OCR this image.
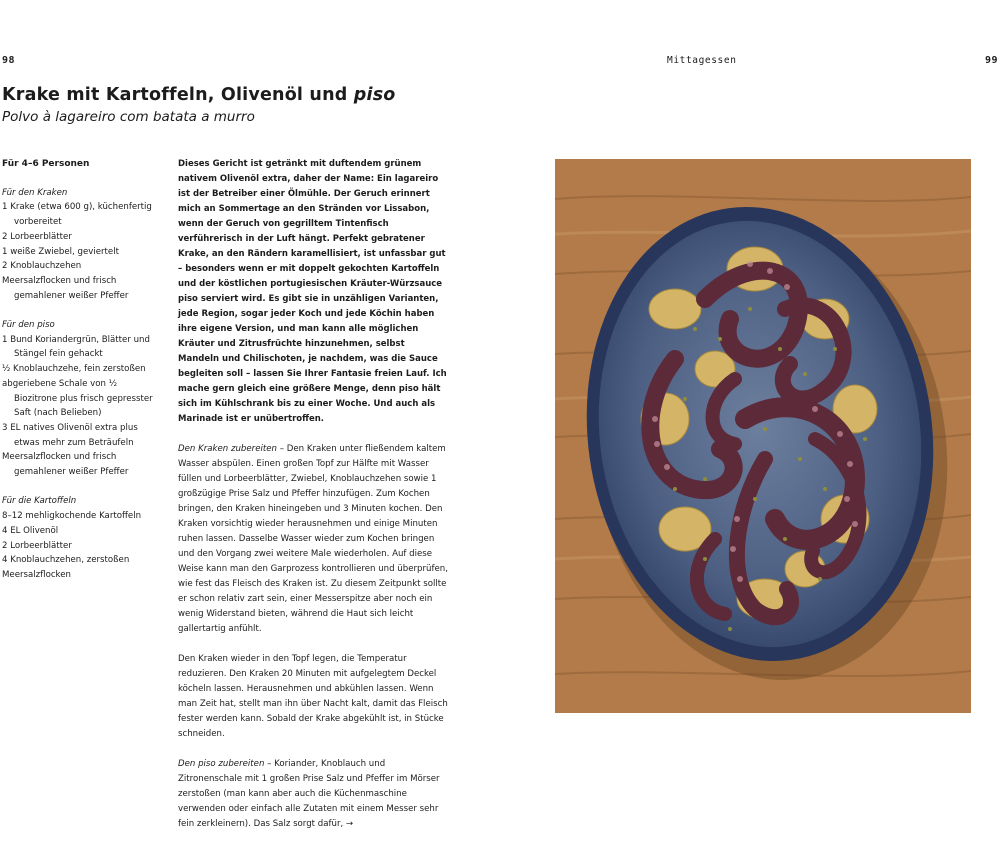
98	Mittagessen	99
Krake mit Kartoffeln, Olivenöl und piso
Polvo à lagareiro com batata a murro
Für 4–6 Personen
Für den Kraken
1 Krake (etwa 600 g), küchenfertig vorbereitet
2 Lorbeerblätter
1 weiße Zwiebel, geviertelt
2 Knoblauchzehen
Meersalzflocken und frisch gemahlener weißer Pfeffer
Für den piso
1 Bund Koriandergrün, Blätter und Stängel fein gehackt
½ Knoblauchzehe, fein zerstoßen
abgeriebene Schale von ½ Biozitrone plus frisch gepresster Saft (nach Belieben)
3 EL natives Olivenöl extra plus etwas mehr zum Beträufeln
Meersalzflocken und frisch gemahlener weißer Pfeffer
Für die Kartoffeln
8–12 mehligkochende Kartoffeln
4 EL Olivenöl
2 Lorbeerblätter
4 Knoblauchzehen, zerstoßen
Meersalzflocken

Dieses Gericht ist getränkt mit duftendem grünem nativem Olivenöl extra, daher der Name: Ein lagareiro ist der Betreiber einer Ölmühle. Der Geruch erinnert mich an Sommertage an den Stränden vor Lissabon, wenn der Geruch von gegrilltem Tintenfisch verführerisch in der Luft hängt. Perfekt gebratener Krake, an den Rändern karamellisiert, ist unfassbar gut – besonders wenn er mit doppelt gekochten Kartoffeln und der köstlichen portugiesischen Kräuter-Würzsauce piso serviert wird. Es gibt sie in unzähligen Varianten, jede Region, sogar jeder Koch und jede Köchin haben ihre eigene Version, und man kann alle möglichen Kräuter und Zitrusfrüchte hinzunehmen, selbst Mandeln und Chilischoten, je nachdem, was die Sauce begleiten soll – lassen Sie Ihrer Fantasie freien Lauf. Ich mache gern gleich eine größere Menge, denn piso hält sich im Kühlschrank bis zu einer Woche. Und auch als Marinade ist er unübertroffen.

Den Kraken zubereiten – Den Kraken unter fließendem kaltem Wasser abspülen. Einen großen Topf zur Hälfte mit Wasser füllen und Lorbeerblätter, Zwiebel, Knoblauchzehen sowie 1 großzügige Prise Salz und Pfeffer hinzufügen. Zum Kochen bringen, den Kraken hineingeben und 3 Minuten kochen. Den Kraken vorsichtig wieder herausnehmen und einige Minuten ruhen lassen. Dasselbe Wasser wieder zum Kochen bringen und den Vorgang zwei weitere Male wiederholen. Auf diese Weise kann man den Garprozess kontrollieren und überprüfen, wie fest das Fleisch des Kraken ist. Zu diesem Zeitpunkt sollte er schon relativ zart sein, einer Messerspitze aber noch ein wenig Widerstand bieten, während die Haut sich leicht gallertartig anfühlt.

Den Kraken wieder in den Topf legen, die Temperatur reduzieren. Den Kraken 20 Minuten mit aufgelegtem Deckel köcheln lassen. Herausnehmen und abkühlen lassen. Wenn man Zeit hat, stellt man ihn über Nacht kalt, damit das Fleisch fester werden kann. Sobald der Krake abgekühlt ist, in Stücke schneiden.

Den piso zubereiten – Koriander, Knoblauch und Zitronenschale mit 1 großen Prise Salz und Pfeffer im Mörser zerstoßen (man kann aber auch die Küchenmaschine verwenden oder einfach alle Zutaten mit einem Messer sehr fein zerkleinern). Das Salz sorgt dafür, →
